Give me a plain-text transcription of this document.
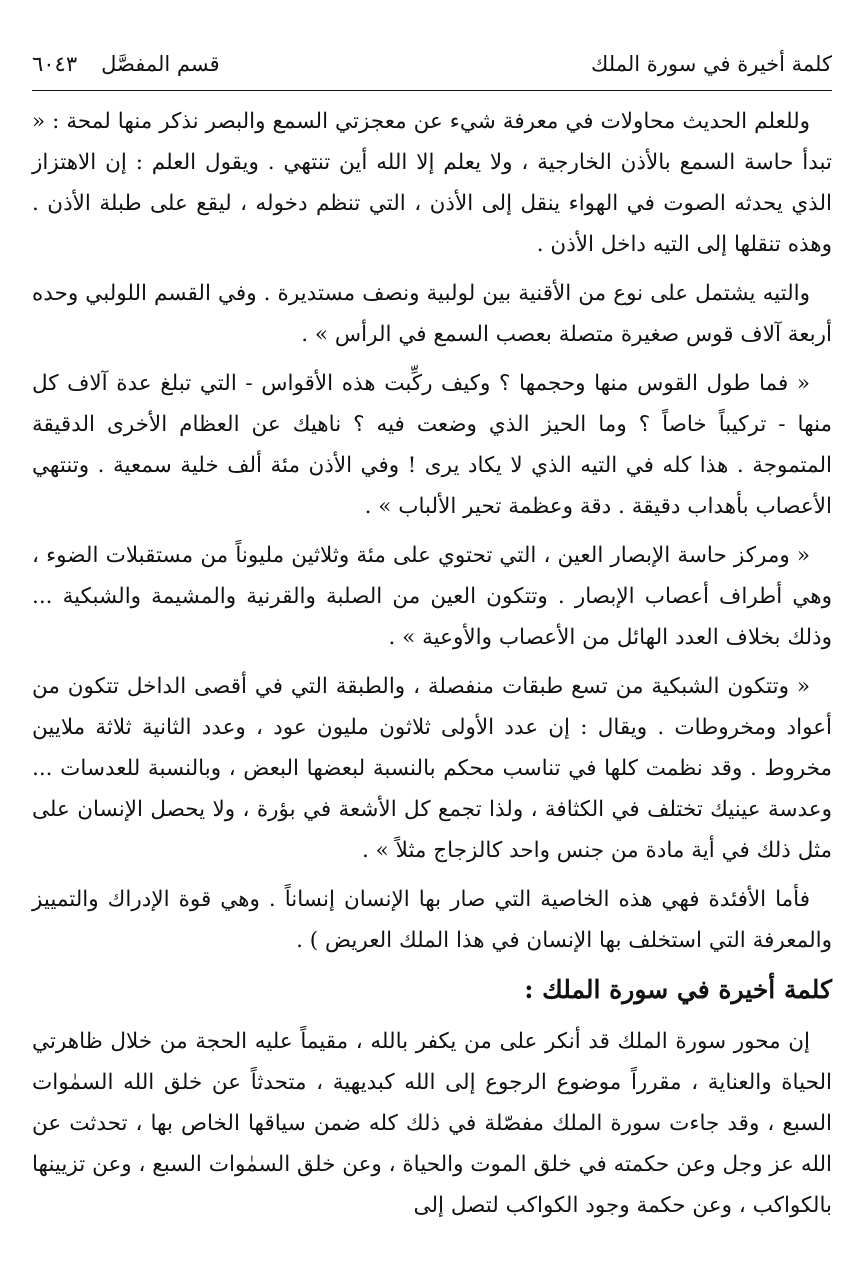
كلمة أخيرة في سورة الملك
قسم المفصَّل
٦٠٤٣

وللعلم الحديث محاولات في معرفة شيء عن معجزتي السمع والبصر نذكر منها لمحة : « تبدأ حاسة السمع بالأذن الخارجية ، ولا يعلم إلا الله أين تنتهي . ويقول العلم : إن الاهتزاز الذي يحدثه الصوت في الهواء ينقل إلى الأذن ، التي تنظم دخوله ، ليقع على طبلة الأذن . وهذه تنقلها إلى التيه داخل الأذن .

والتيه يشتمل على نوع من الأقنية بين لولبية ونصف مستديرة . وفي القسم اللولبي وحده أربعة آلاف قوس صغيرة متصلة بعصب السمع في الرأس » .

« فما طول القوس منها وحجمها ؟ وكيف ركِّبت هذه الأقواس - التي تبلغ عدة آلاف كل منها - تركيباً خاصاً ؟ وما الحيز الذي وضعت فيه ؟ ناهيك عن العظام الأخرى الدقيقة المتموجة . هذا كله في التيه الذي لا يكاد يرى ! وفي الأذن مئة ألف خلية سمعية . وتنتهي الأعصاب بأهداب دقيقة . دقة وعظمة تحير الألباب » .

« ومركز حاسة الإبصار العين ، التي تحتوي على مئة وثلاثين مليوناً من مستقبلات الضوء ، وهي أطراف أعصاب الإبصار . وتتكون العين من الصلبة والقرنية والمشيمة والشبكية ... وذلك بخلاف العدد الهائل من الأعصاب والأوعية » .

« وتتكون الشبكية من تسع طبقات منفصلة ، والطبقة التي في أقصى الداخل تتكون من أعواد ومخروطات . ويقال : إن عدد الأولى ثلاثون مليون عود ، وعدد الثانية ثلاثة ملايين مخروط . وقد نظمت كلها في تناسب محكم بالنسبة لبعضها البعض ، وبالنسبة للعدسات ... وعدسة عينيك تختلف في الكثافة ، ولذا تجمع كل الأشعة في بؤرة ، ولا يحصل الإنسان على مثل ذلك في أية مادة من جنس واحد كالزجاج مثلاً » .

فأما الأفئدة فهي هذه الخاصية التي صار بها الإنسان إنساناً . وهي قوة الإدراك والتمييز والمعرفة التي استخلف بها الإنسان في هذا الملك العريض ) .

كلمة أخيرة في سورة الملك :

إن محور سورة الملك قد أنكر على من يكفر بالله ، مقيماً عليه الحجة من خلال ظاهرتي الحياة والعناية ، مقرراً موضوع الرجوع إلى الله كبديهية ، متحدثاً عن خلق الله السمٰوات السبع ، وقد جاءت سورة الملك مفصّلة في ذلك كله ضمن سياقها الخاص بها ، تحدثت عن الله عز وجل وعن حكمته في خلق الموت والحياة ، وعن خلق السمٰوات السبع ، وعن تزيينها بالكواكب ، وعن حكمة وجود الكواكب لتصل إلى
